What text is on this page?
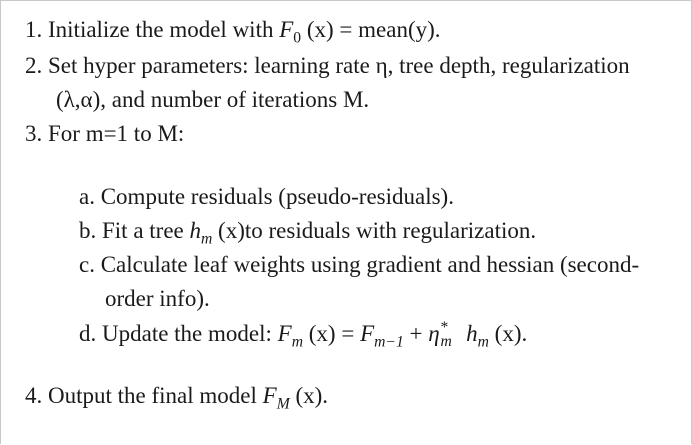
1. Initialize the model with $F_0$ (x) = mean(y).
2. Set hyper parameters: learning rate η, tree depth, regularization
(λ,α), and number of iterations M.
3. For m=1 to M:
a. Compute residuals (pseudo-residuals).
b. Fit a tree $h_m$ (x)to residuals with regularization.
c. Calculate leaf weights using gradient and hessian (second-
order info).
d. Update the model: $F_m$ $(x) = F_{m-1} + \eta$ *
m $h_m$ (x).
4. Output the final model $F_M$ (x).
